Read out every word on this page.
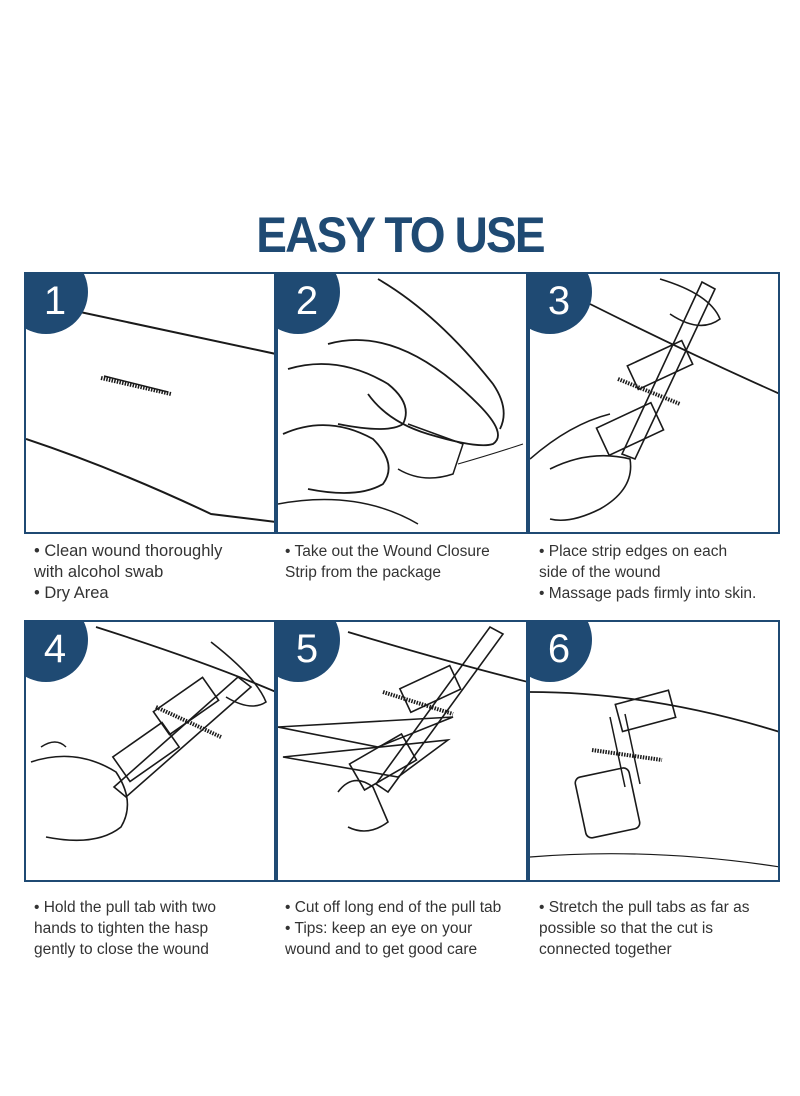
EASY TO USE
1	2	3
4	5	6
• Clean wound thoroughly
with alcohol swab
• Dry Area
• Take out the Wound Closure
Strip from the package
• Place strip edges on each
side of the wound
• Massage pads firmly into skin.
• Hold the pull tab with two
hands to tighten the hasp
gently to close the wound
• Cut off long end of the pull tab
• Tips: keep an eye on your
wound and to get good care
• Stretch the pull tabs as far as
possible so that the cut is
connected together
